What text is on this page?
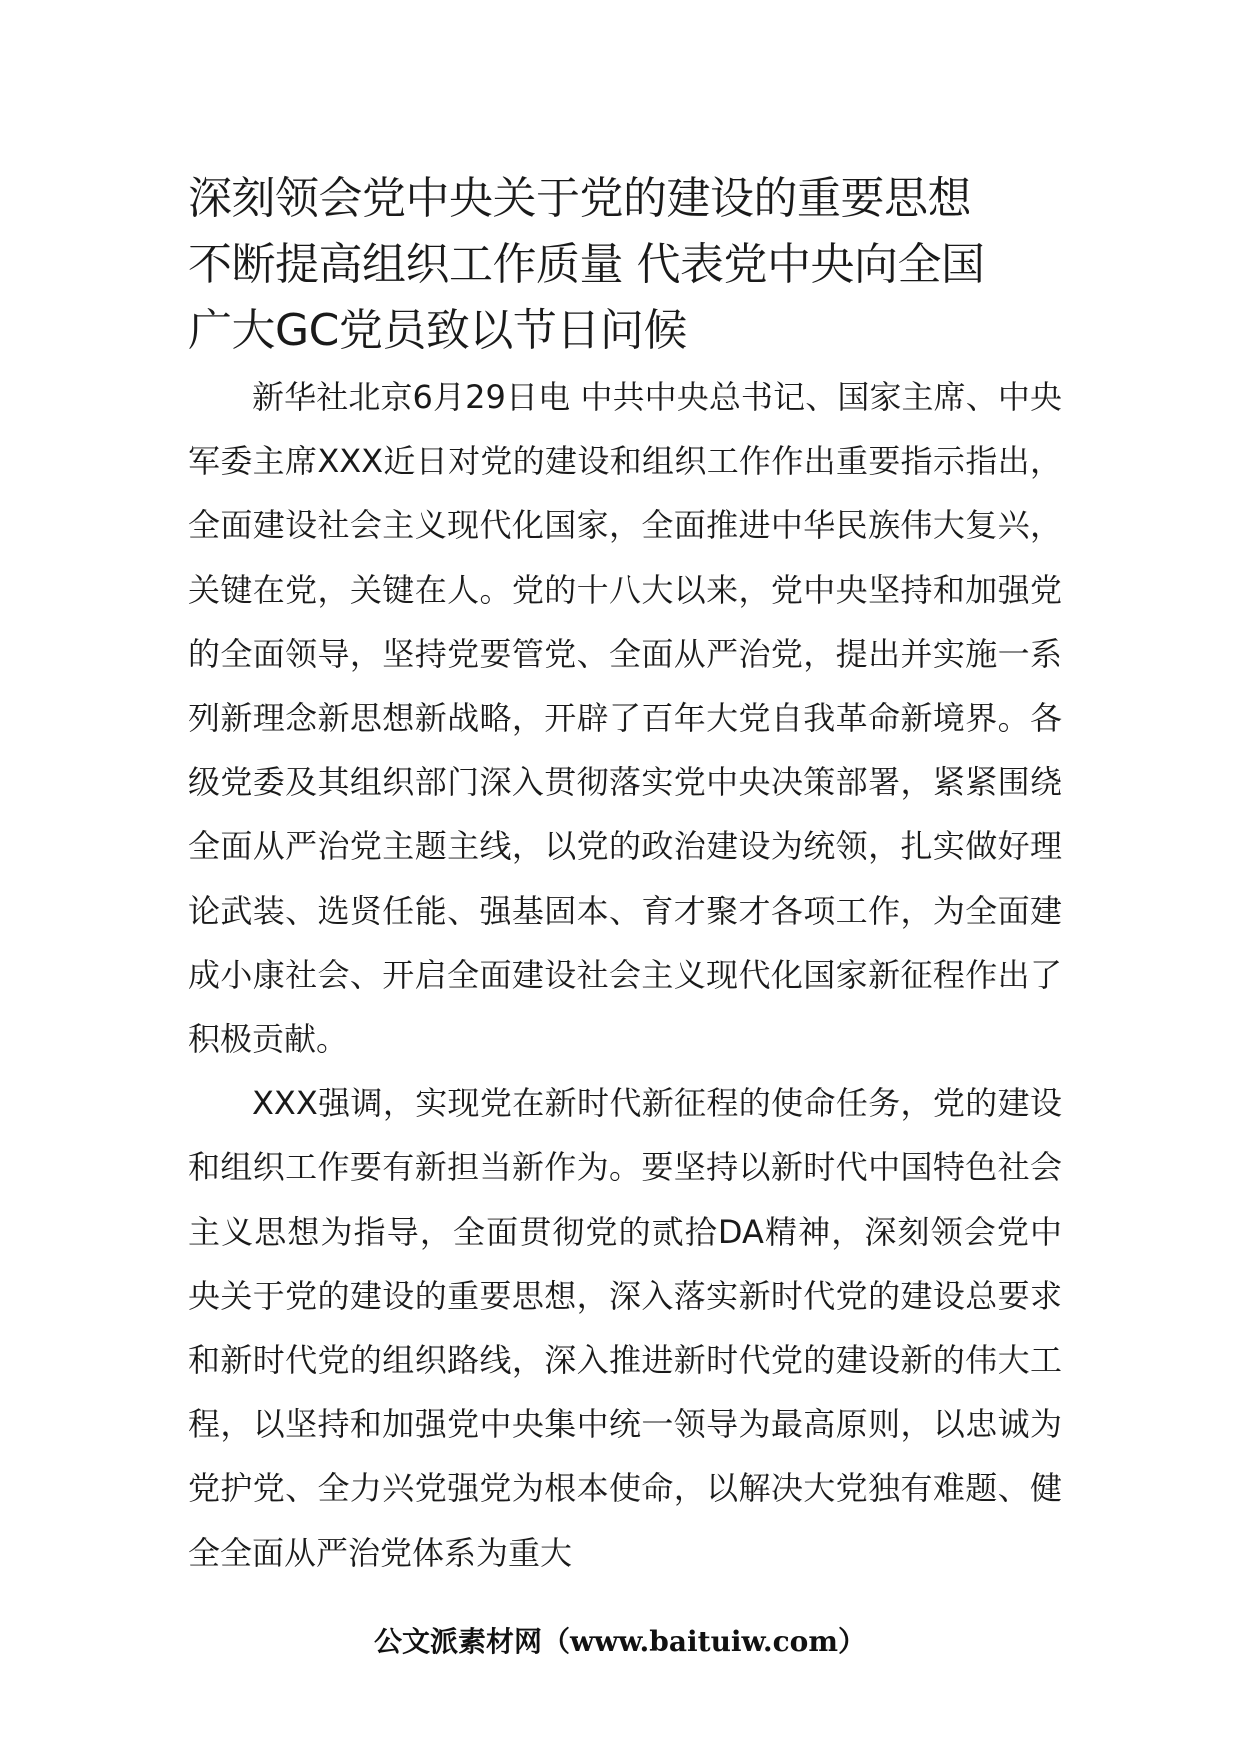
深刻领会党中央关于党的建设的重要思想
不断提高组织工作质量 代表党中央向全国
广大GC党员致以节日问候

新华社北京6月29日电 中共中央总书记、国家主席、中央军委主席XXX近日对党的建设和组织工作作出重要指示指出，全面建设社会主义现代化国家，全面推进中华民族伟大复兴，关键在党，关键在人。党的十八大以来，党中央坚持和加强党的全面领导，坚持党要管党、全面从严治党，提出并实施一系列新理念新思想新战略，开辟了百年大党自我革命新境界。各级党委及其组织部门深入贯彻落实党中央决策部署，紧紧围绕全面从严治党主题主线，以党的政治建设为统领，扎实做好理论武装、选贤任能、强基固本、育才聚才各项工作，为全面建成小康社会、开启全面建设社会主义现代化国家新征程作出了积极贡献。

XXX强调，实现党在新时代新征程的使命任务，党的建设和组织工作要有新担当新作为。要坚持以新时代中国特色社会主义思想为指导，全面贯彻党的贰拾DA精神，深刻领会党中央关于党的建设的重要思想，深入落实新时代党的建设总要求和新时代党的组织路线，深入推进新时代党的建设新的伟大工程，以坚持和加强党中央集中统一领导为最高原则，以忠诚为党护党、全力兴党强党为根本使命，以解决大党独有难题、健全全面从严治党体系为重大

公文派素材网（www.baituiw.com）
